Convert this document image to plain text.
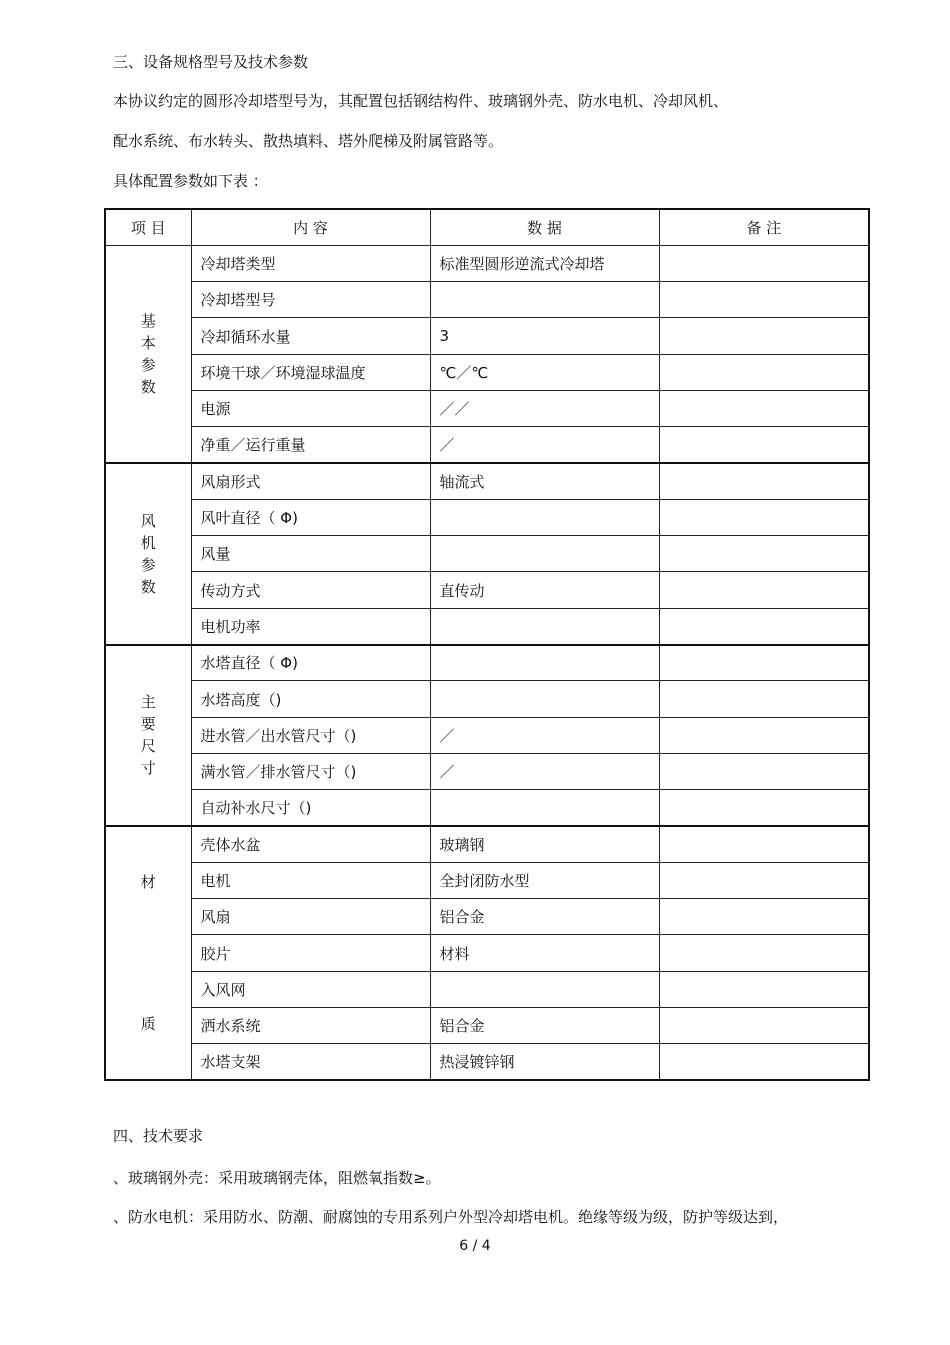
三、设备规格型号及技术参数
本协议约定的圆形冷却塔型号为，其配置包括钢结构件、玻璃钢外壳、防水电机、冷却风机、
配水系统、布水转头、散热填料、塔外爬梯及附属管路等。
具体配置参数如下表 ：
项 目	内 容	数 据	备 注
基本参数	冷却塔类型	标准型圆形逆流式冷却塔	
	冷却塔型号		
	冷却循环水量	3	
	环境干球／环境湿球温度	℃／℃	
	电源	／／	
	净重／运行重量	／	
风机参数	风扇形式	轴流式	
	风叶直径（ Φ)		
	风量		
	传动方式	直传动	
	电机功率		
主要尺寸	水塔直径（ Φ)		
	水塔高度（)		
	进水管／出水管尺寸（)	／	
	满水管／排水管尺寸（)	／	
	自动补水尺寸（)		

材
质	壳体水盆	玻璃钢	
	电机	全封闭防水型	
	风扇	铝合金	
	胶片	材料	
	入风网		
	洒水系统	铝合金	
	水塔支架	热浸镀锌钢	
四、技术要求
、玻璃钢外壳：采用玻璃钢壳体，阻燃氧指数≥。
、防水电机：采用防水、防潮、耐腐蚀的专用系列户外型冷却塔电机。绝缘等级为级，防护等级达到，
6 / 4
